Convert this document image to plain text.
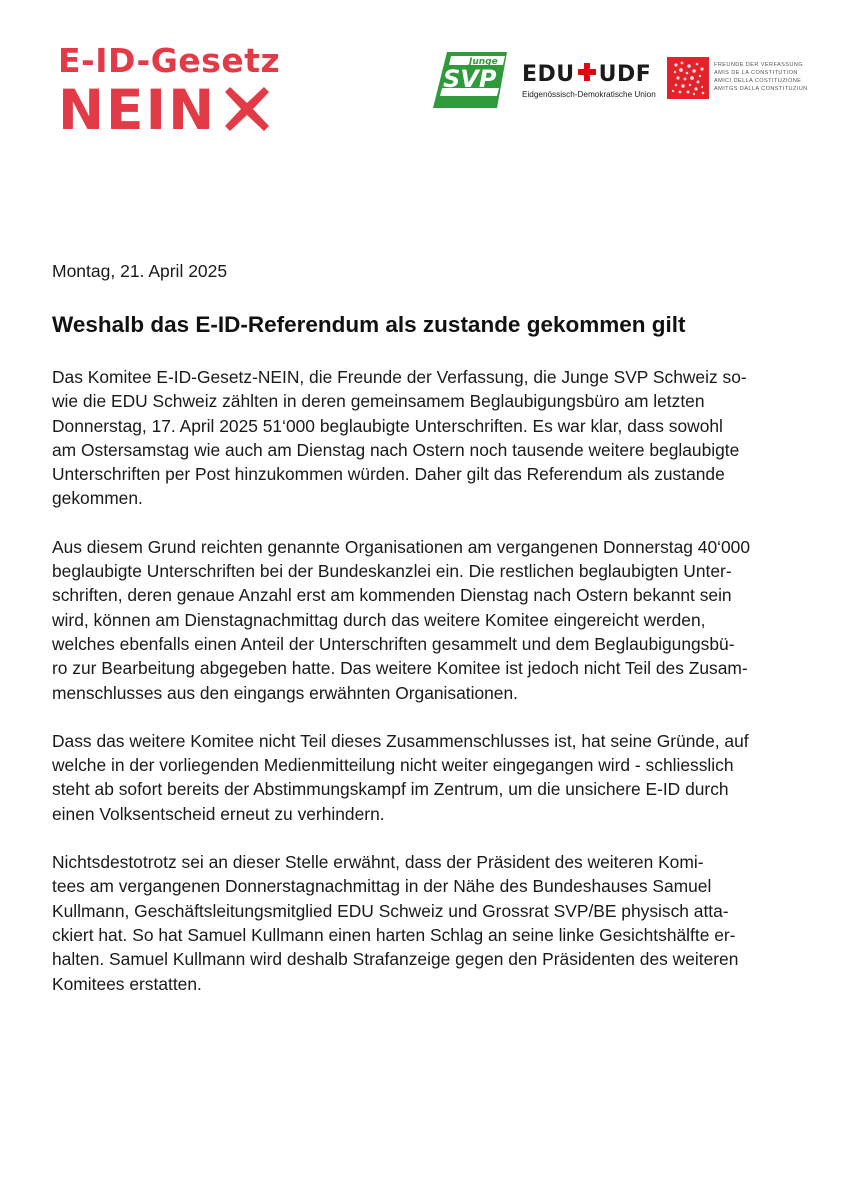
E-ID-Gesetz
NEIN
Junge
SVP EDU UDF
Eidgenössisch-Demokratische Union
FREUNDE DER VERFASSUNG
AMIS DE LA CONSTITUTION
AMICI DELLA COSTITUZIONE
AMITGS DALLA CONSTITUZIUN
Montag, 21. April 2025
Weshalb das E-ID-Referendum als zustande gekommen gilt

Das Komitee E-ID-Gesetz-NEIN, die Freunde der Verfassung, die Junge SVP Schweiz so-
wie die EDU Schweiz zählten in deren gemeinsamem Beglaubigungsbüro am letzten
Donnerstag, 17. April 2025 51‘000 beglaubigte Unterschriften. Es war klar, dass sowohl
am Ostersamstag wie auch am Dienstag nach Ostern noch tausende weitere beglaubigte
Unterschriften per Post hinzukommen würden. Daher gilt das Referendum als zustande
gekommen.

Aus diesem Grund reichten genannte Organisationen am vergangenen Donnerstag 40‘000
beglaubigte Unterschriften bei der Bundeskanzlei ein. Die restlichen beglaubigten Unter-
schriften, deren genaue Anzahl erst am kommenden Dienstag nach Ostern bekannt sein
wird, können am Dienstagnachmittag durch das weitere Komitee eingereicht werden,
welches ebenfalls einen Anteil der Unterschriften gesammelt und dem Beglaubigungsbü-
ro zur Bearbeitung abgegeben hatte. Das weitere Komitee ist jedoch nicht Teil des Zusam-
menschlusses aus den eingangs erwähnten Organisationen.

Dass das weitere Komitee nicht Teil dieses Zusammenschlusses ist, hat seine Gründe, auf
welche in der vorliegenden Medienmitteilung nicht weiter eingegangen wird - schliesslich
steht ab sofort bereits der Abstimmungskampf im Zentrum, um die unsichere E-ID durch
einen Volksentscheid erneut zu verhindern.

Nichtsdestotrotz sei an dieser Stelle erwähnt, dass der Präsident des weiteren Komi-
tees am vergangenen Donnerstagnachmittag in der Nähe des Bundeshauses Samuel
Kullmann, Geschäftsleitungsmitglied EDU Schweiz und Grossrat SVP/BE physisch atta-
ckiert hat. So hat Samuel Kullmann einen harten Schlag an seine linke Gesichtshälfte er-
halten. Samuel Kullmann wird deshalb Strafanzeige gegen den Präsidenten des weiteren
Komitees erstatten.
